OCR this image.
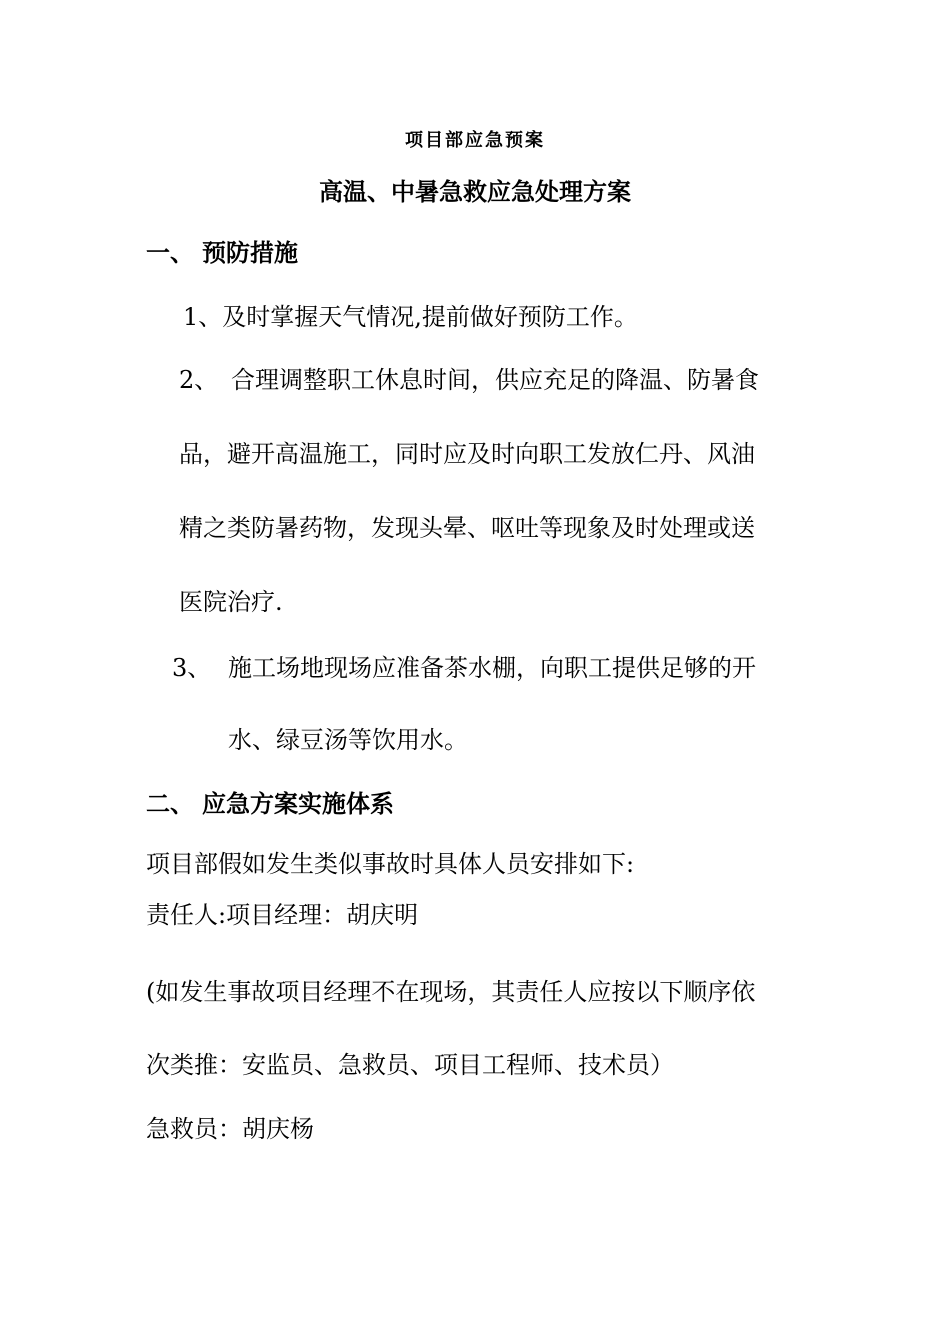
项目部应急预案

高温、中暑急救应急处理方案

一、 预防措施

1、及时掌握天气情况,提前做好预防工作。

2、 合理调整职工休息时间，供应充足的降温、防暑食

品，避开高温施工，同时应及时向职工发放仁丹、风油

精之类防暑药物，发现头晕、呕吐等现象及时处理或送

医院治疗.

3、 施工场地现场应准备茶水棚，向职工提供足够的开

水、绿豆汤等饮用水。

二、 应急方案实施体系

项目部假如发生类似事故时具体人员安排如下:

责任人:项目经理：胡庆明

(如发生事故项目经理不在现场，其责任人应按以下顺序依

次类推：安监员、急救员、项目工程师、技术员）

急救员：胡庆杨
